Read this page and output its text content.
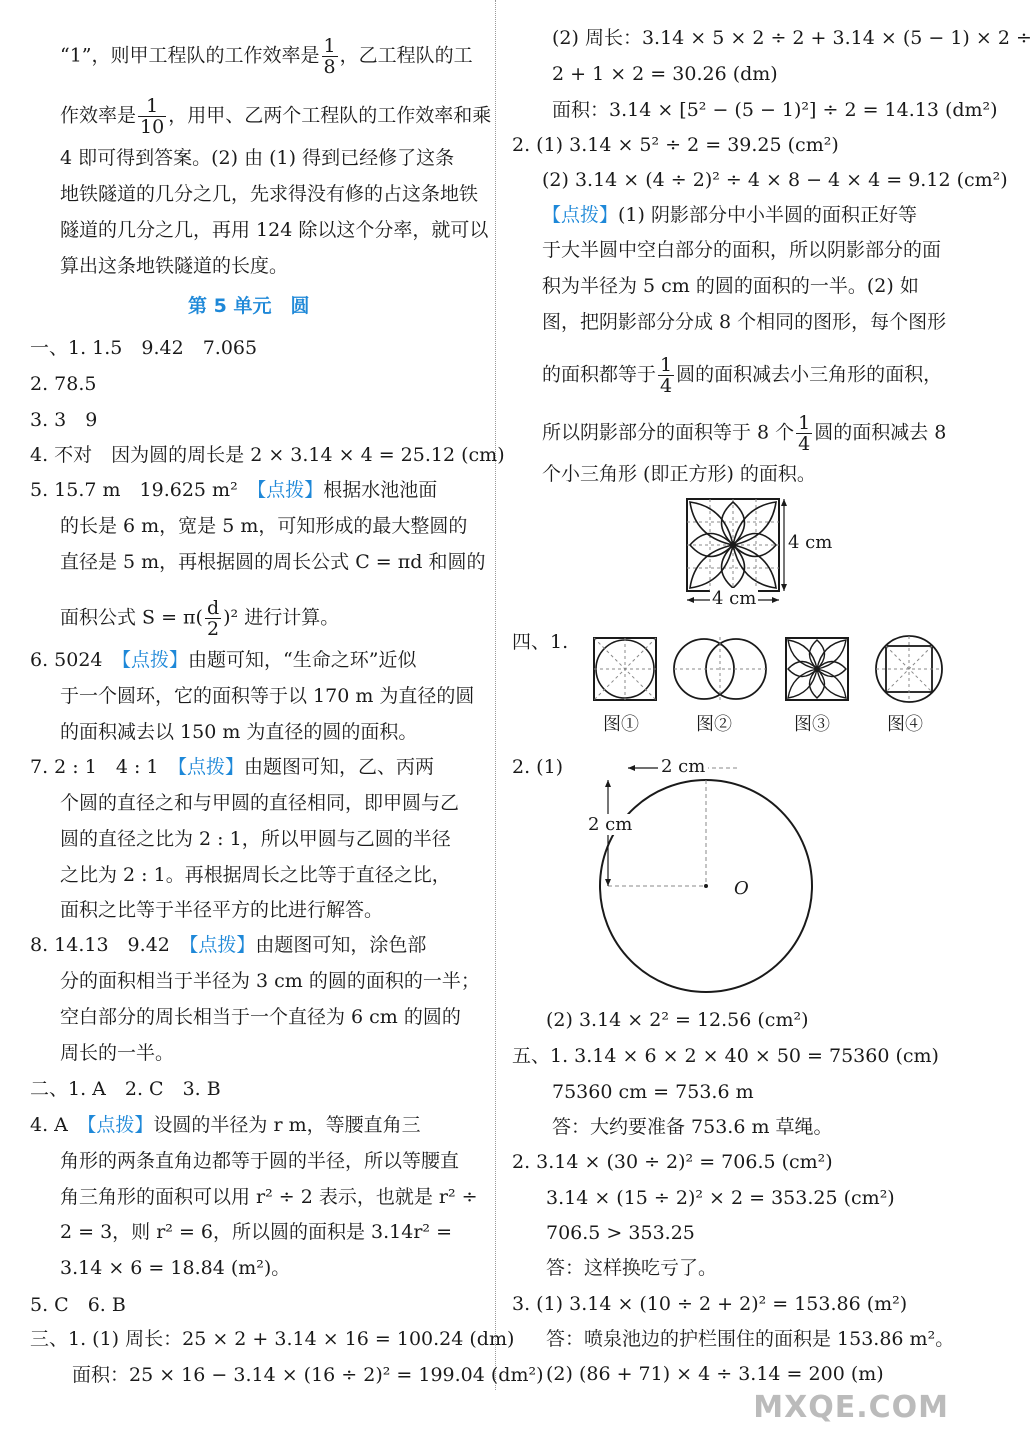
“1”，则甲工程队的工作效率是 $\frac{1}{8}$ ，乙工程队的工
作效率是 $\frac{1}{10}$ ，用甲、乙两个工程队的工作效率和乘
4 即可得到答案。(2) 由 (1) 得到已经修了这条
地铁隧道的几分之几，先求得没有修的占这条地铁
隧道的几分之几，再用 124 除以这个分率，就可以
算出这条地铁隧道的长度。
第 5 单元　圆
一、1. 1.5　9.42　7.065
2. 78.5
3. 3　9
4. 不对　因为圆的周长是 2 × 3.14 × 4 = 25.12 (cm)
5. 15.7 m　19.625 m²　【点拨】根据水池池面
的长是 6 m，宽是 5 m，可知形成的最大整圆的
直径是 5 m，再根据圆的周长公式 C = πd 和圆的
面积公式 $S = \pi( \frac{d}{2} )^2$ 进行计算。
6. 5024　【点拨】由题可知，“生命之环”近似
于一个圆环，它的面积等于以 170 m 为直径的圆
的面积减去以 150 m 为直径的圆的面积。
7. 2 : 1　4 : 1　【点拨】由题图可知，乙、丙两
个圆的直径之和与甲圆的直径相同，即甲圆与乙
圆的直径之比为 2 : 1，所以甲圆与乙圆的半径
之比为 2 : 1。再根据周长之比等于直径之比，
面积之比等于半径平方的比进行解答。
8. 14.13　9.42　【点拨】由题图可知，涂色部
分的面积相当于半径为 3 cm 的圆的面积的一半；
空白部分的周长相当于一个直径为 6 cm 的圆的
周长的一半。
二、1. A　2. C　3. B
4. A　【点拨】设圆的半径为 r m，等腰直角三
角形的两条直角边都等于圆的半径，所以等腰直
角三角形的面积可以用 r² ÷ 2 表示，也就是 r² ÷
2 = 3，则 r² = 6，所以圆的面积是 3.14r² =
3.14 × 6 = 18.84 (m²)。
5. C　6. B
三、1. (1) 周长：25 × 2 + 3.14 × 16 = 100.24 (dm)
面积：25 × 16 − 3.14 × (16 ÷ 2)² = 199.04 (dm²)
(2) 周长：3.14 × 5 × 2 ÷ 2 + 3.14 × (5 − 1) × 2 ÷
2 + 1 × 2 = 30.26 (dm)
面积：3.14 × [5² − (5 − 1)²] ÷ 2 = 14.13 (dm²)
2. (1) 3.14 × 5² ÷ 2 = 39.25 (cm²)
(2) 3.14 × (4 ÷ 2)² ÷ 4 × 8 − 4 × 4 = 9.12 (cm²)
【点拨】(1) 阴影部分中小半圆的面积正好等
于大半圆中空白部分的面积，所以阴影部分的面
积为半径为 5 cm 的圆的面积的一半。(2) 如
图，把阴影部分分成 8 个相同的图形，每个图形
的面积都等于 $\frac{1}{4}$ 圆的面积减去小三角形的面积，
所以阴影部分的面积等于 8 个 $\frac{1}{4}$ 圆的面积减去 8
个小三角形 (即正方形) 的面积。
4 cm
4 cm
四、1.
图①	图②	图③	图④
2. (1)	2 cm
2 cm
O
(2) 3.14 × 2² = 12.56 (cm²)
五、1. 3.14 × 6 × 2 × 40 × 50 = 75360 (cm)
75360 cm = 753.6 m
答：大约要准备 753.6 m 草绳。
2. 3.14 × (30 ÷ 2)² = 706.5 (cm²)
3.14 × (15 ÷ 2)² × 2 = 353.25 (cm²)
706.5 > 353.25
答：这样换吃亏了。
3. (1) 3.14 × (10 ÷ 2 + 2)² = 153.86 (m²)
答：喷泉池边的护栏围住的面积是 153.86 m²。
(2) (86 + 71) × 4 ÷ 3.14 = 200 (m)
MXQE.COM
